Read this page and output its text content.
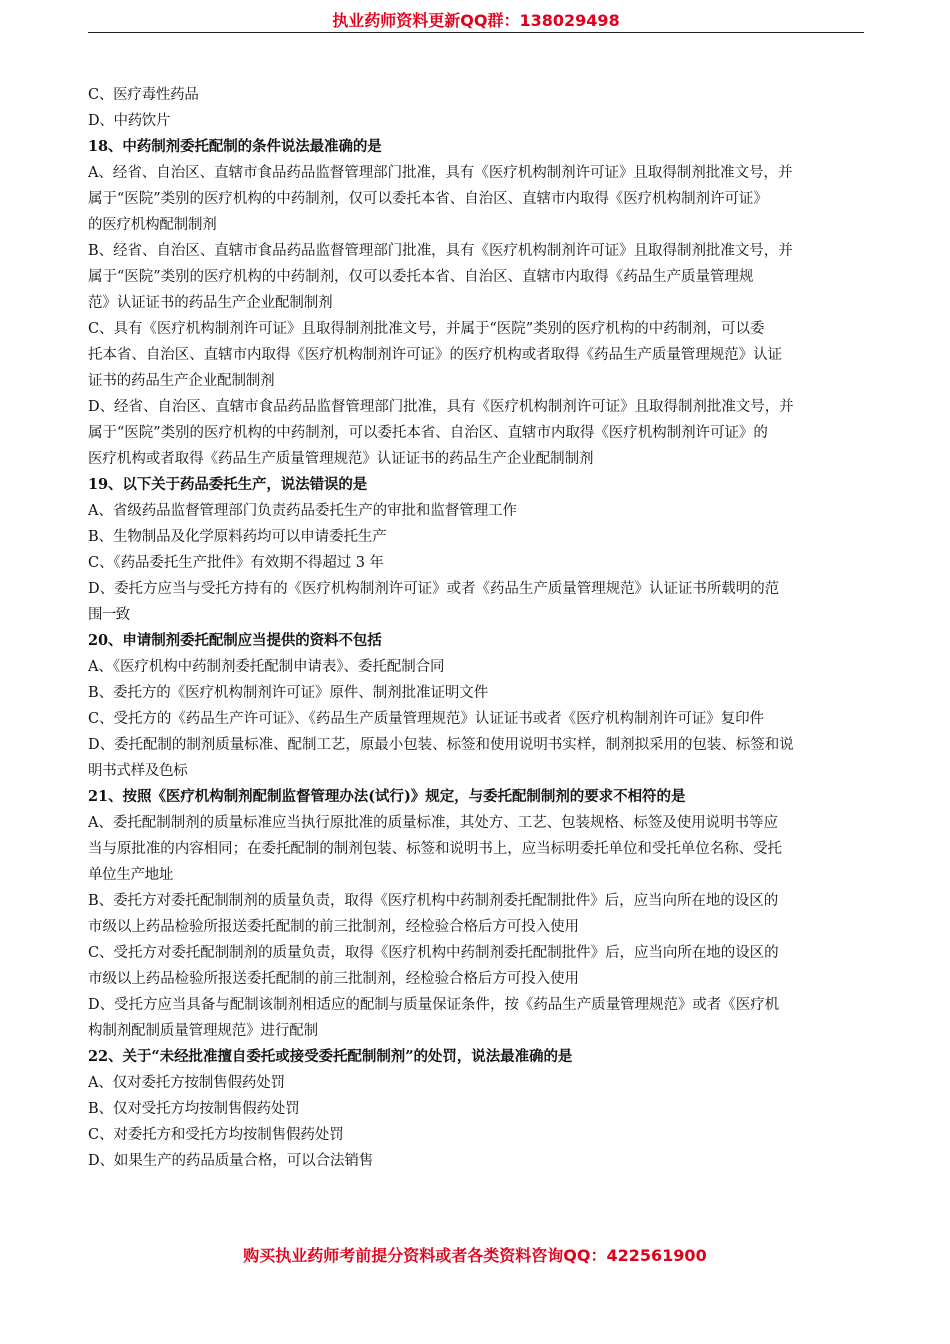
执业药师资料更新QQ群：138029498
C、医疗毒性药品
D、中药饮片
18、中药制剂委托配制的条件说法最准确的是
A、经省、自治区、直辖市食品药品监督管理部门批准，具有《医疗机构制剂许可证》且取得制剂批准文号，并
属于“医院”类别的医疗机构的中药制剂，仅可以委托本省、自治区、直辖市内取得《医疗机构制剂许可证》
的医疗机构配制制剂
B、经省、自治区、直辖市食品药品监督管理部门批准，具有《医疗机构制剂许可证》且取得制剂批准文号，并
属于“医院”类别的医疗机构的中药制剂，仅可以委托本省、自治区、直辖市内取得《药品生产质量管理规
范》认证证书的药品生产企业配制制剂
C、具有《医疗机构制剂许可证》且取得制剂批准文号，并属于“医院”类别的医疗机构的中药制剂，可以委
托本省、自治区、直辖市内取得《医疗机构制剂许可证》的医疗机构或者取得《药品生产质量管理规范》认证
证书的药品生产企业配制制剂
D、经省、自治区、直辖市食品药品监督管理部门批准，具有《医疗机构制剂许可证》且取得制剂批准文号，并
属于“医院”类别的医疗机构的中药制剂，可以委托本省、自治区、直辖市内取得《医疗机构制剂许可证》的
医疗机构或者取得《药品生产质量管理规范》认证证书的药品生产企业配制制剂
19、以下关于药品委托生产，说法错误的是
A、省级药品监督管理部门负责药品委托生产的审批和监督管理工作
B、生物制品及化学原料药均可以申请委托生产
C、《药品委托生产批件》有效期不得超过 3 年
D、委托方应当与受托方持有的《医疗机构制剂许可证》或者《药品生产质量管理规范》认证证书所载明的范
围一致
20、申请制剂委托配制应当提供的资料不包括
A、《医疗机构中药制剂委托配制申请表》、委托配制合同
B、委托方的《医疗机构制剂许可证》原件、制剂批准证明文件
C、受托方的《药品生产许可证》、《药品生产质量管理规范》认证证书或者《医疗机构制剂许可证》复印件
D、委托配制的制剂质量标准、配制工艺，原最小包装、标签和使用说明书实样，制剂拟采用的包装、标签和说
明书式样及色标
21、按照《医疗机构制剂配制监督管理办法(试行)》规定，与委托配制制剂的要求不相符的是
A、委托配制制剂的质量标准应当执行原批准的质量标准，其处方、工艺、包装规格、标签及使用说明书等应
当与原批准的内容相同；在委托配制的制剂包装、标签和说明书上，应当标明委托单位和受托单位名称、受托
单位生产地址
B、委托方对委托配制制剂的质量负责，取得《医疗机构中药制剂委托配制批件》后，应当向所在地的设区的
市级以上药品检验所报送委托配制的前三批制剂，经检验合格后方可投入使用
C、受托方对委托配制制剂的质量负责，取得《医疗机构中药制剂委托配制批件》后，应当向所在地的设区的
市级以上药品检验所报送委托配制的前三批制剂，经检验合格后方可投入使用
D、受托方应当具备与配制该制剂相适应的配制与质量保证条件，按《药品生产质量管理规范》或者《医疗机
构制剂配制质量管理规范》进行配制
22、关于“未经批准擅自委托或接受委托配制制剂”的处罚，说法最准确的是
A、仅对委托方按制售假药处罚
B、仅对受托方均按制售假药处罚
C、对委托方和受托方均按制售假药处罚
D、如果生产的药品质量合格，可以合法销售
购买执业药师考前提分资料或者各类资料咨询QQ：422561900
